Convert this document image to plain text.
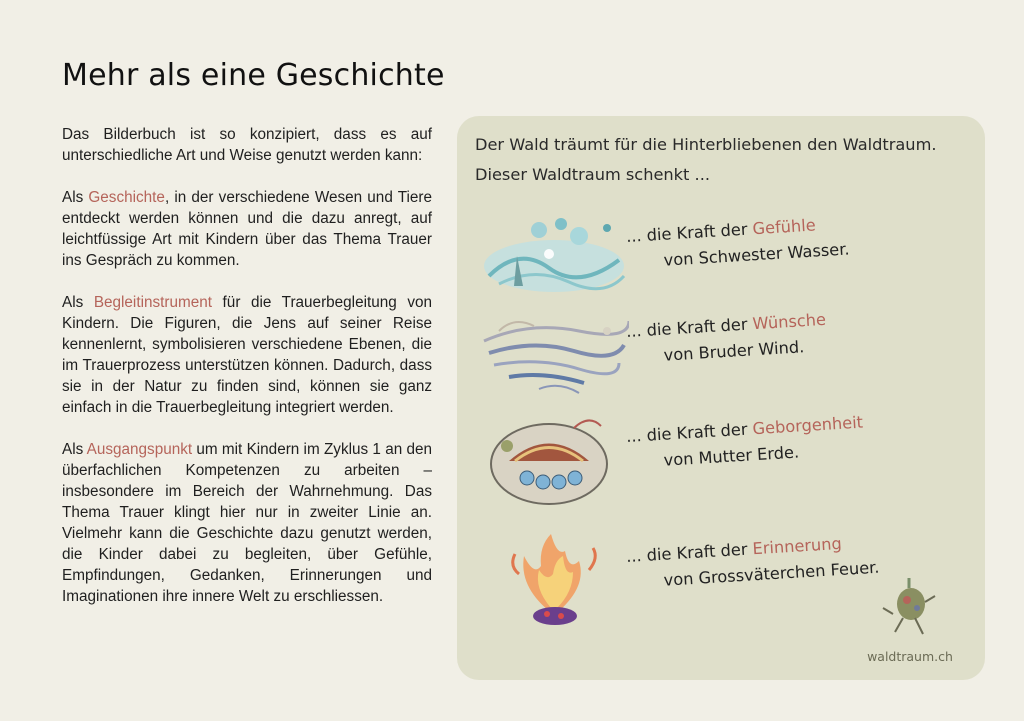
Mehr als eine Geschichte

Das Bilderbuch ist so konzipiert, dass es auf unterschiedliche Art und Weise genutzt werden kann:

Als Geschichte, in der verschiedene Wesen und Tiere entdeckt werden können und die dazu anregt, auf leichtfüssige Art mit Kindern über das Thema Trauer ins Gespräch zu kommen.

Als Begleitinstrument für die Trauerbegleitung von Kindern. Die Figuren, die Jens auf seiner Reise kennenlernt, symbolisieren verschiedene Ebenen, die im Trauerprozess unterstützen können. Dadurch, dass sie in der Natur zu finden sind, können sie ganz einfach in die Trauerbegleitung integriert werden.

Als Ausgangspunkt um mit Kindern im Zyklus 1 an den überfachlichen Kompetenzen zu arbeiten – insbesondere im Bereich der Wahrnehmung. Das Thema Trauer klingt hier nur in zweiter Linie an. Vielmehr kann die Geschichte dazu genutzt werden, die Kinder dabei zu begleiten, über Gefühle, Empfindungen, Gedanken, Erinnerungen und Imaginationen ihre innere Welt zu erschliessen.

Der Wald träumt für die Hinterbliebenen den Waldtraum.
Dieser Waldtraum schenkt ...
... die Kraft der Gefühle
von Schwester Wasser.
... die Kraft der Wünsche
von Bruder Wind.
... die Kraft der Geborgenheit
von Mutter Erde.
... die Kraft der Erinnerung
von Grossväterchen Feuer.
waldtraum.ch
